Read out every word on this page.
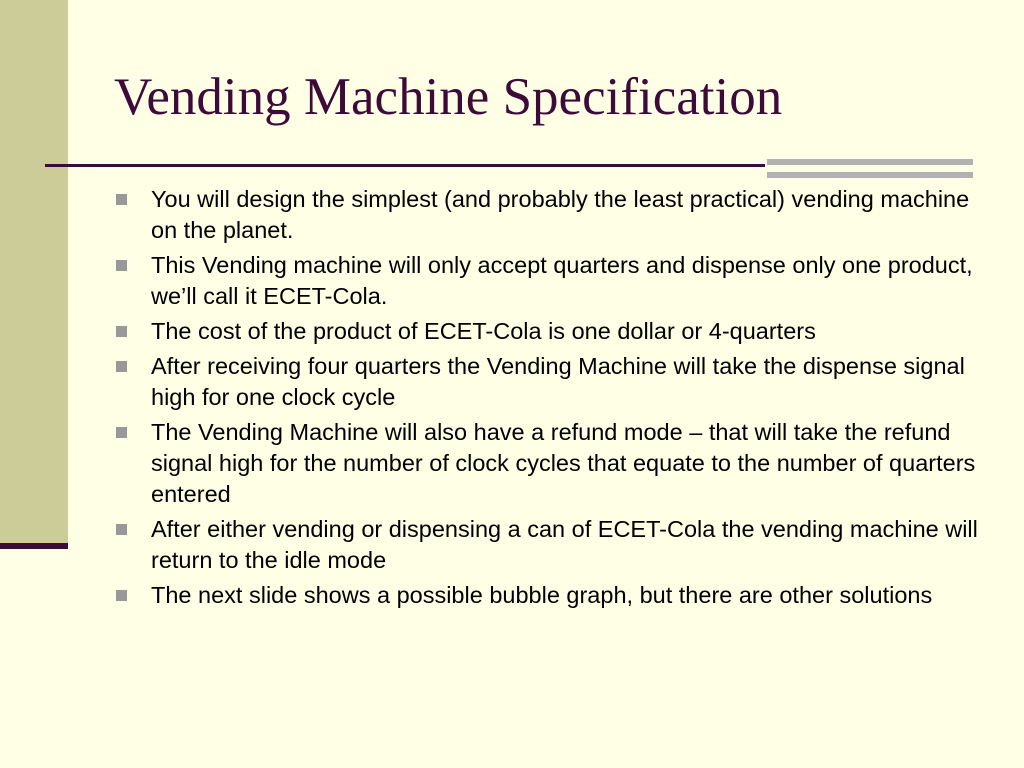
Vending Machine Specification
You will design the simplest (and probably the least practical) vending machine on the planet.
This Vending machine will only accept quarters and dispense only one product, we’ll call it ECET-Cola.
The cost of the product of ECET-Cola is one dollar or 4-quarters
After receiving four quarters the Vending Machine will take the dispense signal high for one clock cycle
The Vending Machine will also have a refund mode – that will take the refund signal high for the number of clock cycles that equate to the number of quarters entered
After either vending or dispensing a can of ECET-Cola the vending machine will return to the idle mode
The next slide shows a possible bubble graph, but there are other solutions
